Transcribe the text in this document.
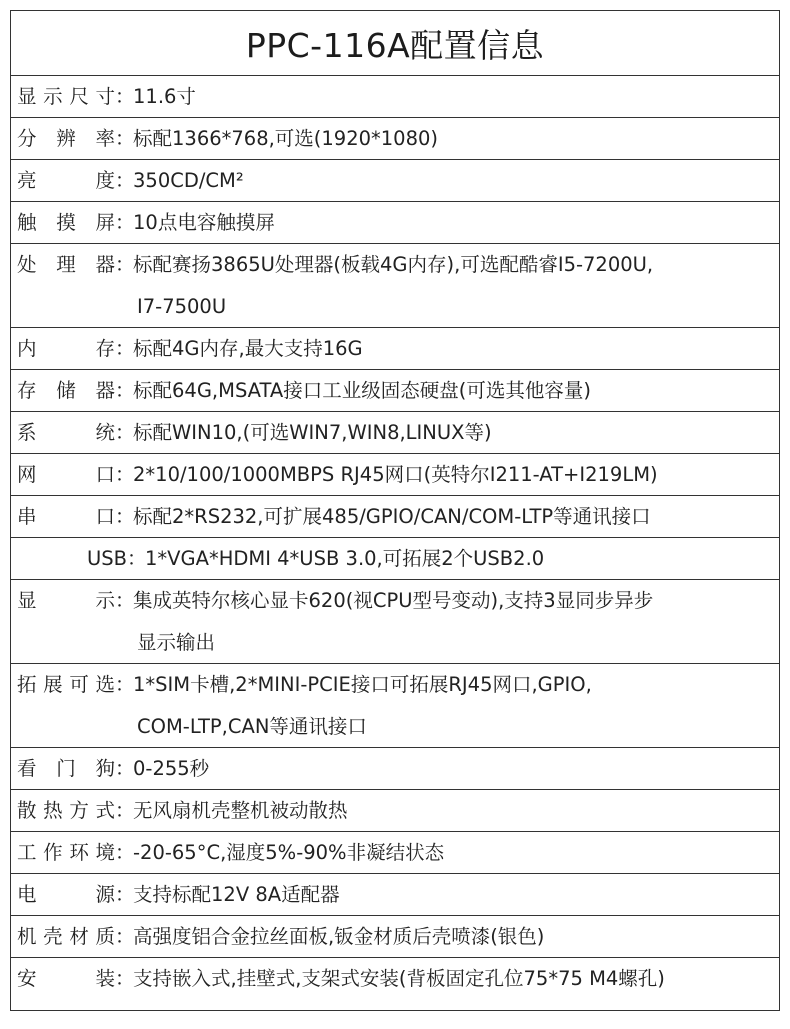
PPC-116A配置信息
显 示 尺 寸 ：
11.6寸
分 辨 率 ：
标配1366*768,可选(1920*1080)
亮	度 ：
350CD/CM²
触 摸 屏 ：
10点电容触摸屏
处 理 器 ：
标配赛扬3865U处理器(板载4G内存),可选配酷睿I5-7200U,
I7-7500U
内	存 ：
标配4G内存,最大支持16G
存 储 器 ：
标配64G,MSATA接口工业级固态硬盘(可选其他容量)
系	统 ：
标配WIN10,(可选WIN7,WIN8,LINUX等)
网	口 ：
2*10/100/1000MBPS RJ45网口(英特尔I211-AT+I219LM)
串	口 ：
标配2*RS232,可扩展485/GPIO/CAN/COM-LTP等通讯接口
USB ：
1*VGA*HDMI 4*USB 3.0,可拓展2个USB2.0
显	示 ：
集成英特尔核心显卡620(视CPU型号变动),支持3显同步异步
显示输出
拓 展 可 选 ：
1*SIM卡槽,2*MINI-PCIE接口可拓展RJ45网口,GPIO,
COM-LTP,CAN等通讯接口
看 门 狗 ：
0-255秒
散 热 方 式 ：
无风扇机壳整机被动散热
工 作 环 境 ：
-20-65°C,湿度5%-90%非凝结状态
电	源 ：
支持标配12V 8A适配器
机 壳 材 质 ：
高强度铝合金拉丝面板,钣金材质后壳喷漆(银色)
安	装 ：
支持嵌入式,挂壁式,支架式安装(背板固定孔位75*75 M4螺孔)
